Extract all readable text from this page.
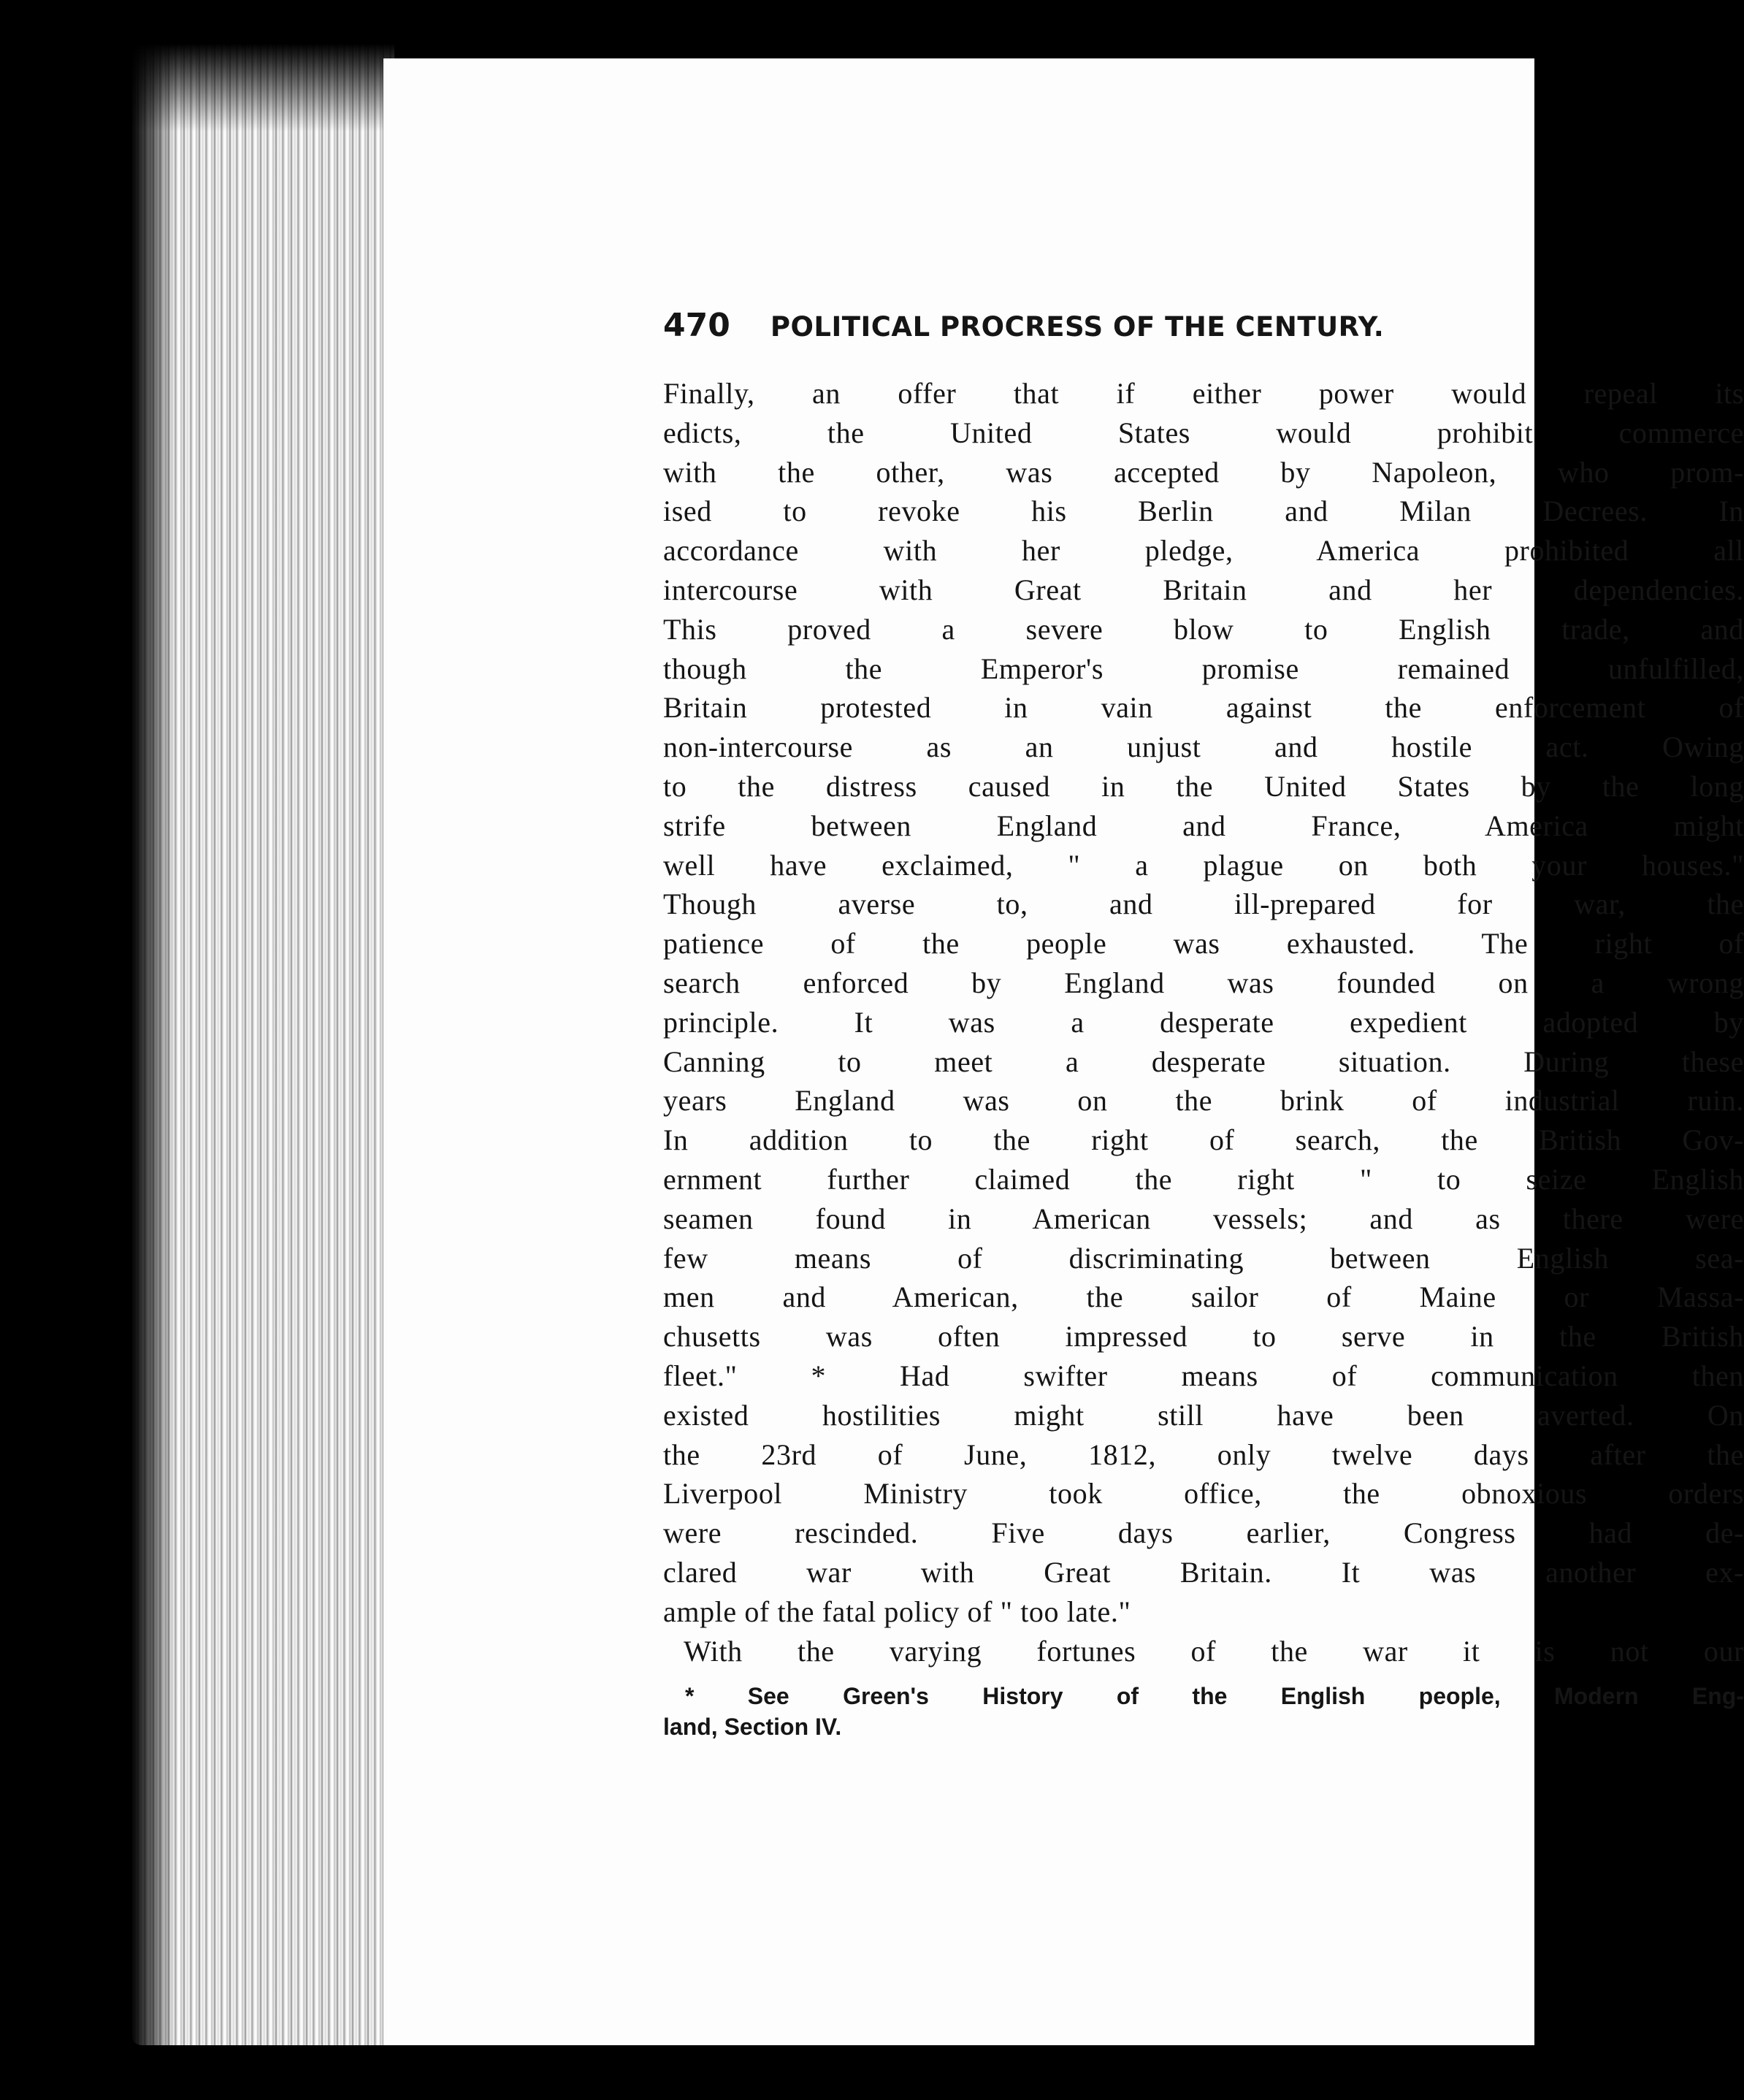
470 POLITICAL PROCRESS OF THE CENTURY.
Finally, an offer that if either power would repeal its
edicts, the United States would prohibit commerce
with the other, was accepted by Napoleon, who prom-
ised to revoke his Berlin and Milan Decrees. In
accordance with her pledge, America prohibited all
intercourse with Great Britain and her dependencies.
This proved a severe blow to English trade, and
though the Emperor's promise remained unfulfilled,
Britain protested in vain against the enforcement of
non-intercourse as an unjust and hostile act. Owing
to the distress caused in the United States by the long
strife between England and France, America might
well have exclaimed, " a plague on both your houses."
Though averse to, and ill-prepared for war, the
patience of the people was exhausted. The right of
search enforced by England was founded on a wrong
principle. It was a desperate expedient adopted by
Canning to meet a desperate situation. During these
years England was on the brink of industrial ruin.
In addition to the right of search, the British Gov-
ernment further claimed the right " to seize English
seamen found in American vessels; and as there were
few means of discriminating between English sea-
men and American, the sailor of Maine or Massa-
chusetts was often impressed to serve in the British
fleet." * Had swifter means of communication then
existed hostilities might still have been averted. On
the 23rd of June, 1812, only twelve days after the
Liverpool Ministry took office, the obnoxious orders
were rescinded. Five days earlier, Congress had de-
clared war with Great Britain. It was another ex-
ample of the fatal policy of " too late."
With the varying fortunes of the war it is not our
* See Green's History of the English people, Modern Eng-
land, Section IV.
